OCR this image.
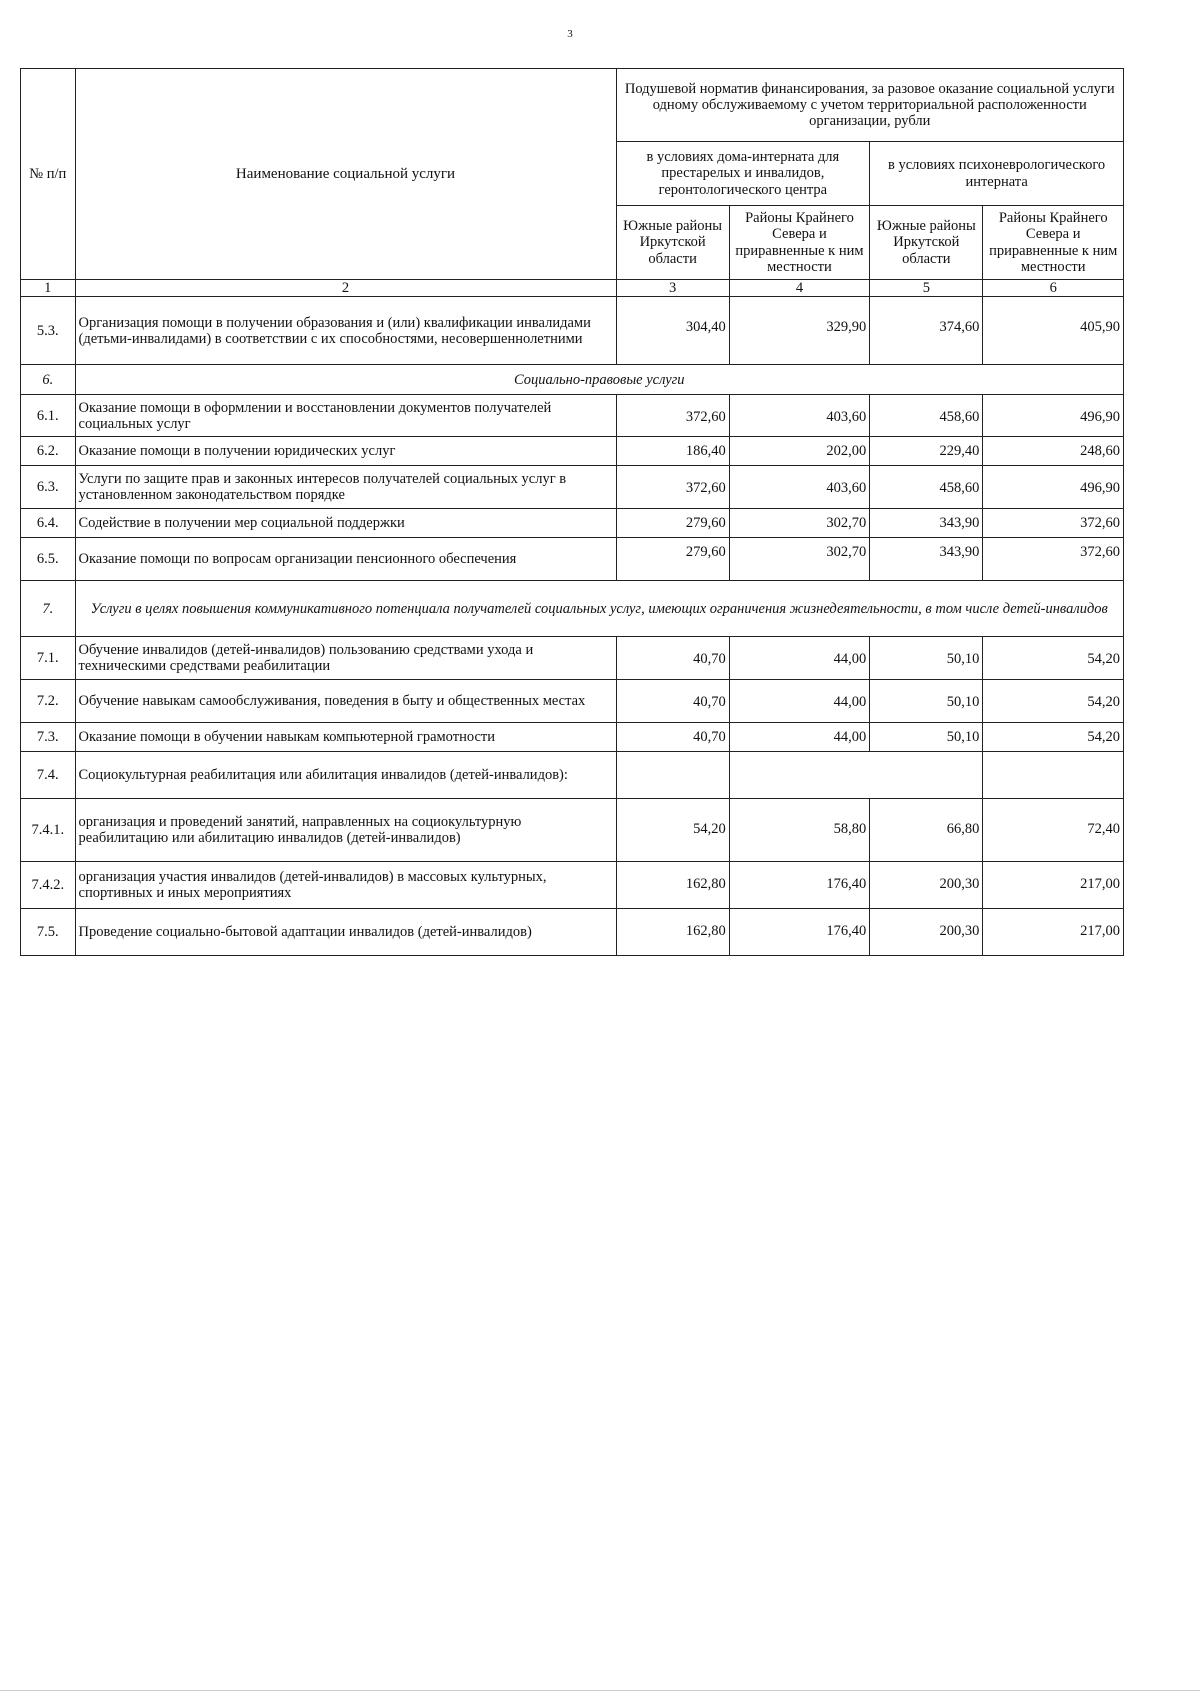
3
№ п/п	Наименование социальной услуги	Подушевой норматив финансирования, за разовое оказание социальной услуги одному обслуживаемому с учетом территориальной расположенности организации, рубли			
		в условиях дома-интерната для престарелых и инвалидов, геронтологического центра		в условиях психоневрологического интерната	
		Южные районы Иркутской области	Районы Крайнего Севера и приравненные к ним местности	Южные районы Иркутской области	Районы Крайнего Севера и приравненные к ним местности
1	2	3	4	5	6
5.3.	Организация помощи в получении образования и (или) квалификации инвалидами (детьми-инвалидами) в соответствии с их способностями, несовершеннолетними	304,40	329,90	374,60	405,90
6.	Социально-правовые услуги				
6.1.	Оказание помощи в оформлении и восстановлении документов получателей социальных услуг	372,60	403,60	458,60	496,90
6.2.	Оказание помощи в получении юридических услуг	186,40	202,00	229,40	248,60
6.3.	Услуги по защите прав и законных интересов получателей социальных услуг в установленном законодательством порядке	372,60	403,60	458,60	496,90
6.4.	Содействие в получении мер социальной поддержки	279,60	302,70	343,90	372,60
6.5.	Оказание помощи по вопросам организации пенсионного обеспечения	279,60	302,70	343,90	372,60
7.	Услуги в целях повышения коммуникативного потенциала получателей социальных услуг, имеющих ограничения жизнедеятельности, в том числе детей-инвалидов				
7.1.	Обучение инвалидов (детей-инвалидов) пользованию средствами ухода и техническими средствами реабилитации	40,70	44,00	50,10	54,20
7.2.	Обучение навыкам самообслуживания, поведения в быту и общественных местах	40,70	44,00	50,10	54,20
7.3.	Оказание помощи в обучении навыкам компьютерной грамотности	40,70	44,00	50,10	54,20
7.4.	Социокультурная реабилитация или абилитация инвалидов (детей-инвалидов):				
7.4.1.	организация и проведений занятий, направленных на социокультурную реабилитацию или абилитацию инвалидов (детей-инвалидов)	54,20	58,80	66,80	72,40
7.4.2.	организация участия инвалидов (детей-инвалидов) в массовых культурных, спортивных и иных мероприятиях	162,80	176,40	200,30	217,00
7.5.	Проведение социально-бытовой адаптации инвалидов (детей-инвалидов)	162,80	176,40	200,30	217,00
